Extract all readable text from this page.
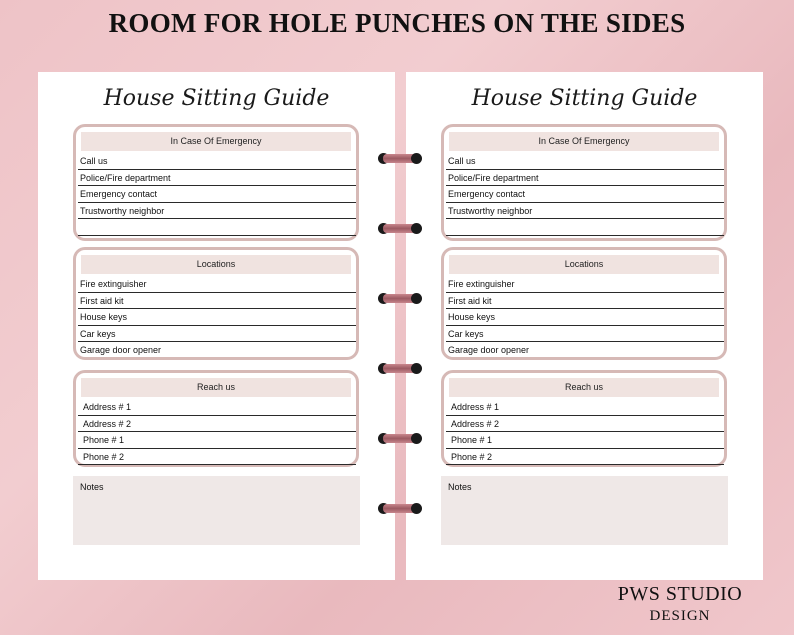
ROOM FOR HOLE PUNCHES ON THE SIDES
House Sitting Guide
In Case Of Emergency
Call us
Police/Fire department
Emergency contact
Trustworthy neighbor
Locations
Fire extinguisher
First aid kit
House keys
Car keys
Garage door opener
Reach us
Address # 1
Address # 2
Phone # 1
Phone # 2
Notes
House Sitting Guide
In Case Of Emergency
Call us
Police/Fire department
Emergency contact
Trustworthy neighbor
Locations
Fire extinguisher
First aid kit
House keys
Car keys
Garage door opener
Reach us
Address # 1
Address # 2
Phone # 1
Phone # 2
Notes
PWS STUDIO
DESIGN
